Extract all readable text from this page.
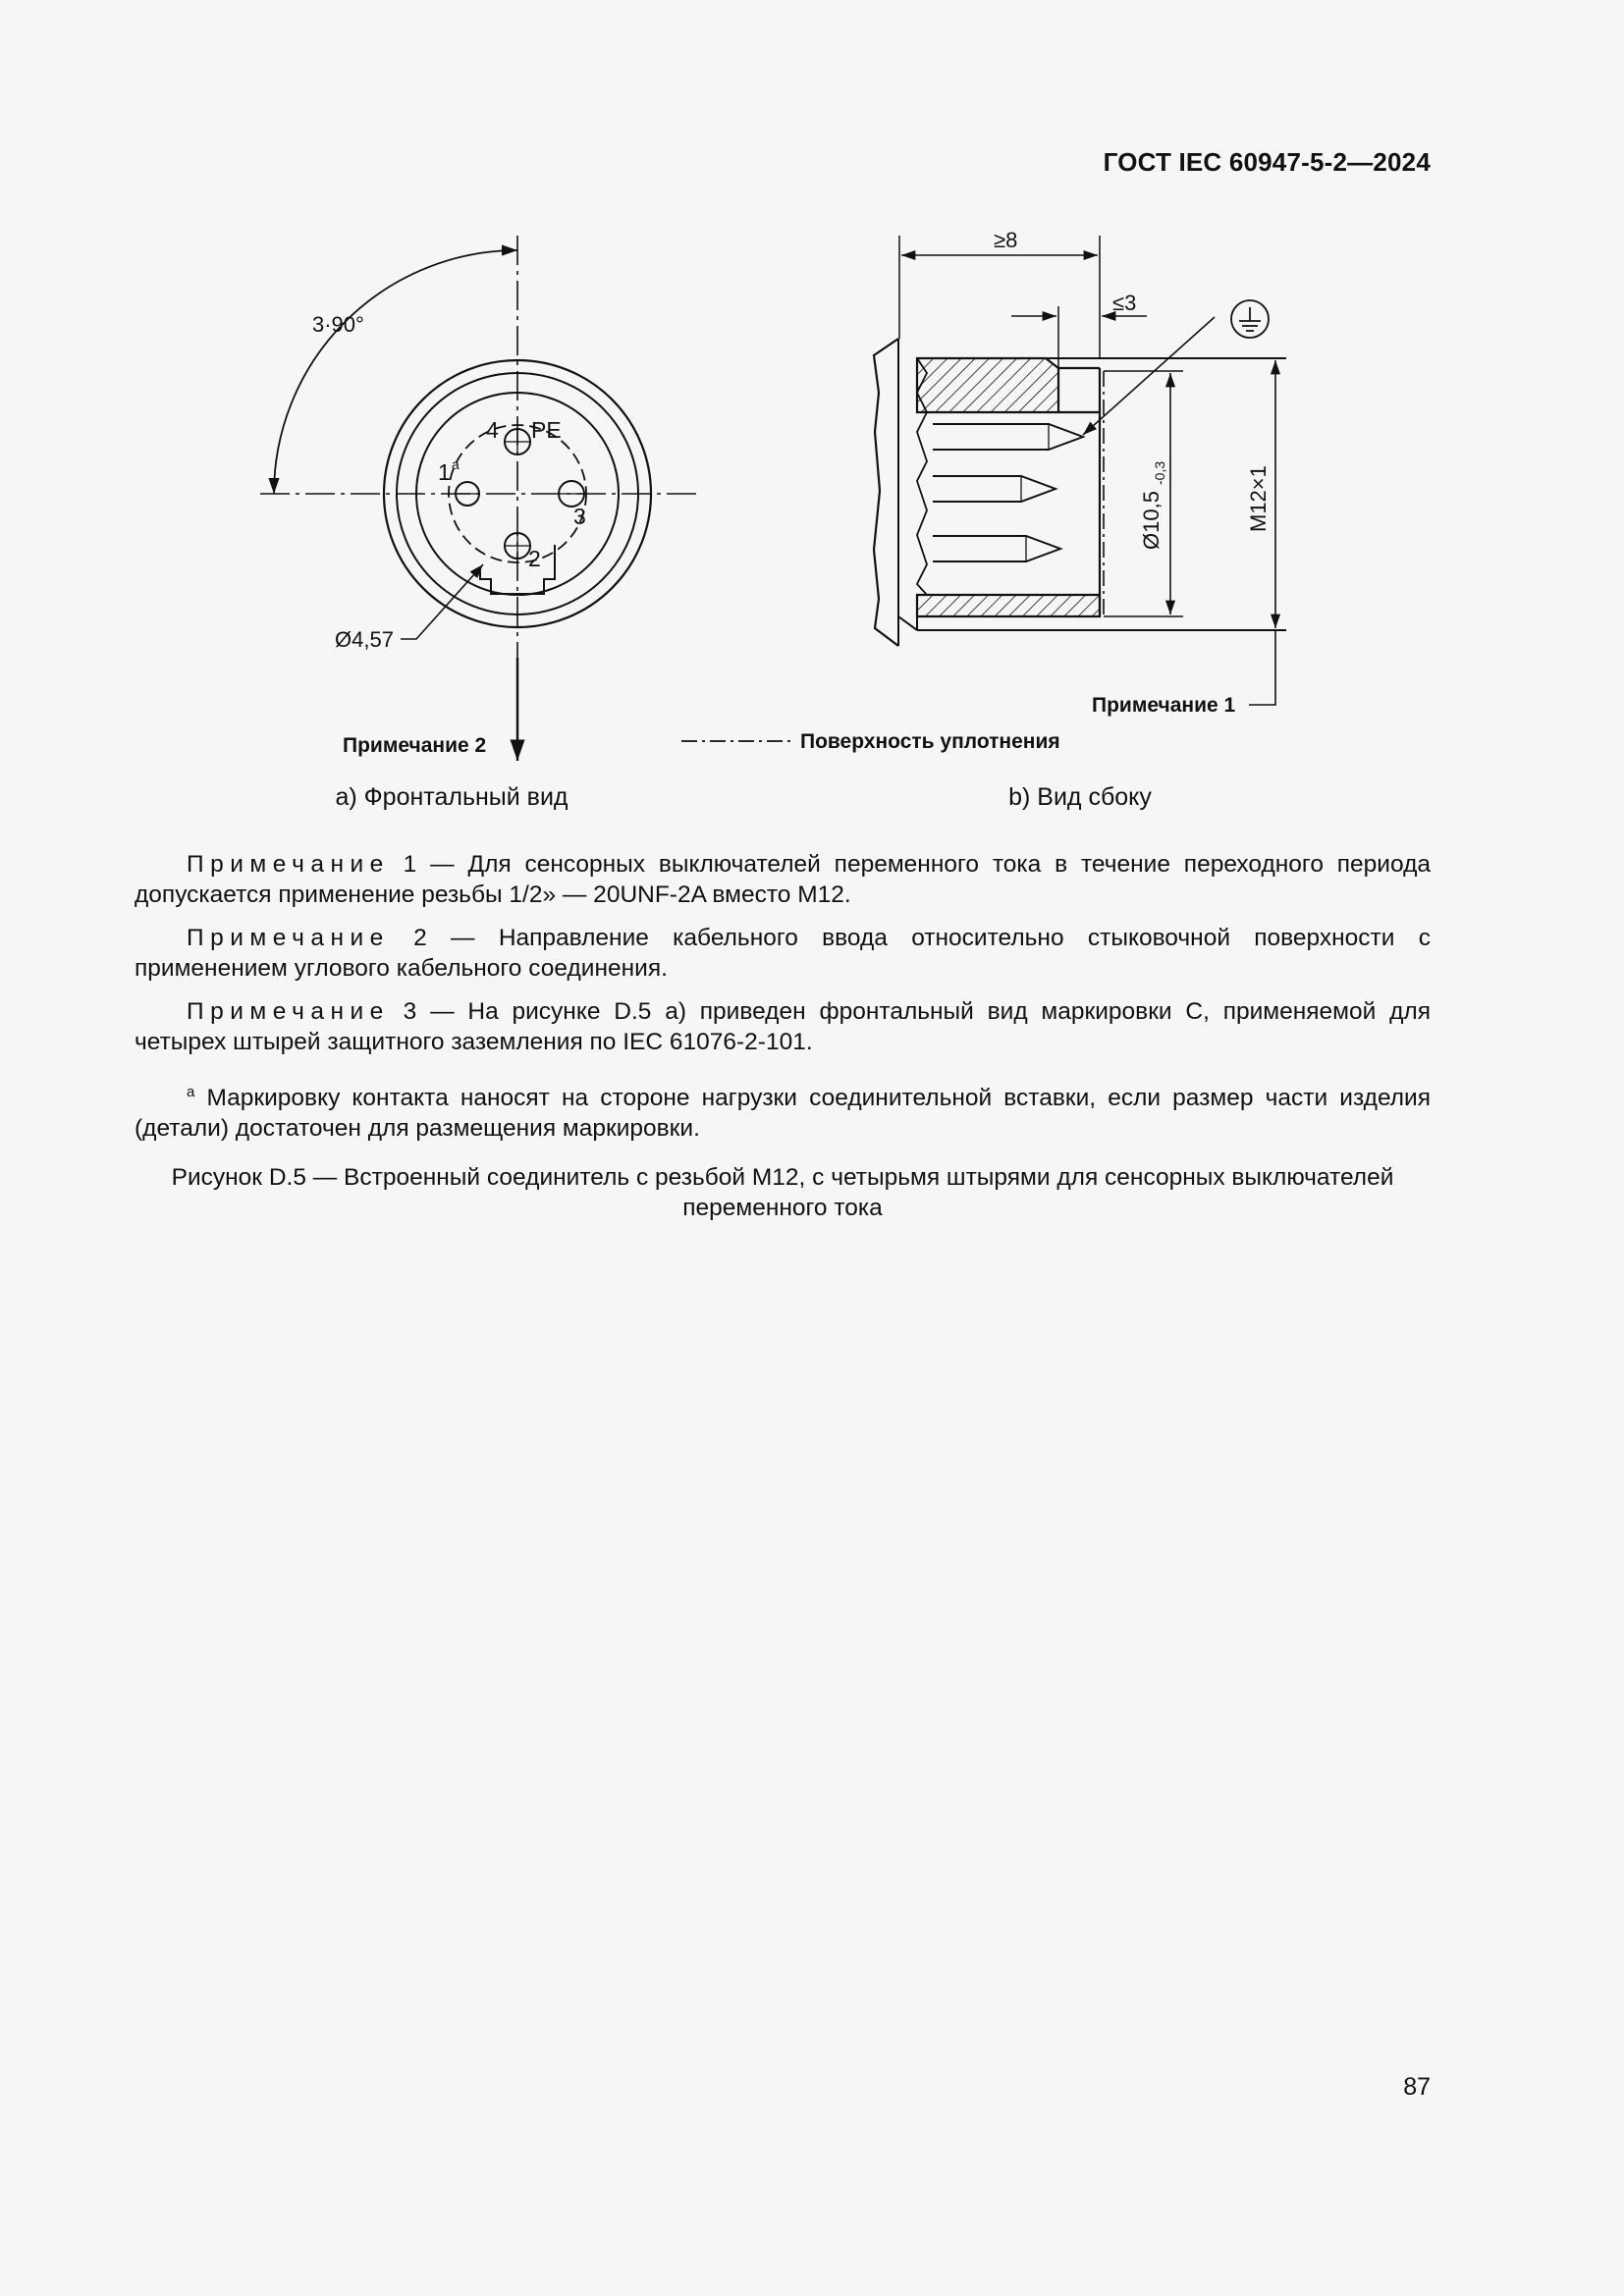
ГОСТ IEC 60947-5-2—2024
3·90°
4 PE
1 a
3
2
Ø4,57
Примечание 2
≥8
≤3
Ø10,5
-0,3	M12×1
Примечание 1
Поверхность уплотнения
a) Фронтальный вид	b) Вид сбоку

Примечание 1 — Для сенсорных выключателей переменного тока в течение переходного периода допускается применение резьбы 1/2» — 20UNF-2A вместо M12.

Примечание 2 — Направление кабельного ввода относительно стыковочной поверхности с применением углового кабельного соединения.

Примечание 3 — На рисунке D.5 а) приведен фронтальный вид маркировки С, применяемой для четырех штырей защитного заземления по IEC 61076-2-101.

$^a$ Маркировку контакта наносят на стороне нагрузки соединительной вставки, если размер части изделия (детали) достаточен для размещения маркировки.

Рисунок D.5 — Встроенный соединитель с резьбой М12, с четырьмя штырями для сенсорных выключателей
переменного тока
87
